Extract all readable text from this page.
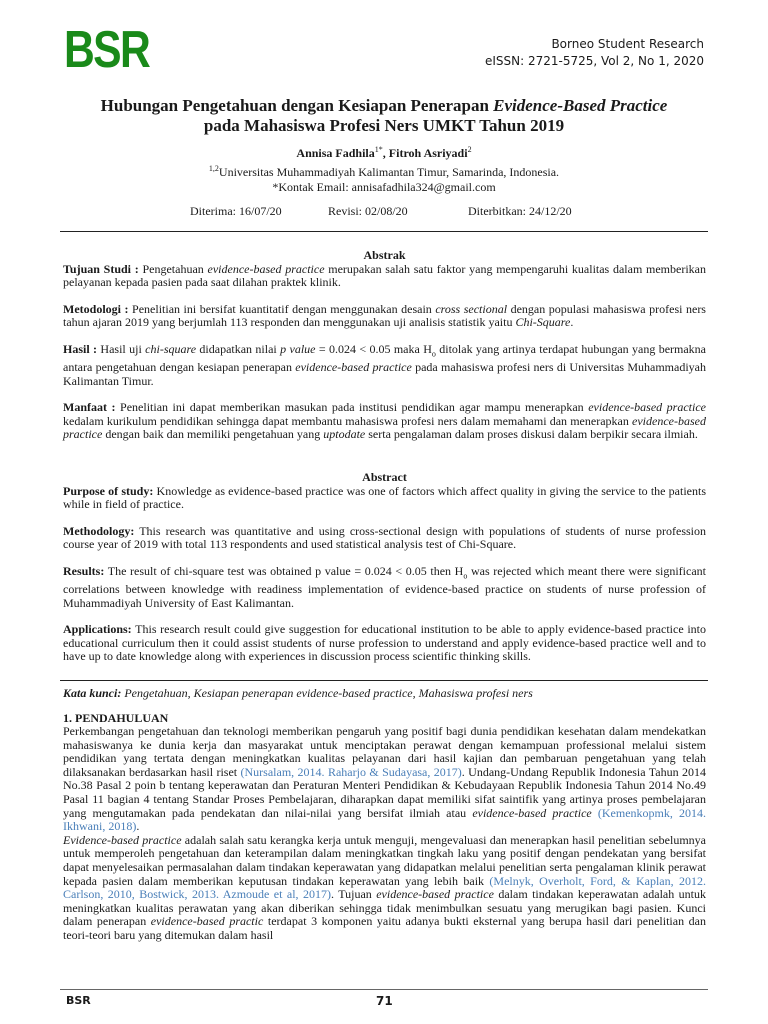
BSR	Borneo Student Research
eISSN: 2721-5725, Vol 2, No 1, 2020
Hubungan Pengetahuan dengan Kesiapan Penerapan Evidence-Based Practice
pada Mahasiswa Profesi Ners UMKT Tahun 2019
Annisa Fadhila$^{1*}$, Fitroh Asriyadi$^2$
$^{1,2}$Universitas Muhammadiyah Kalimantan Timur, Samarinda, Indonesia.
*Kontak Email: annisafadhila324@gmail.com
Diterima: 16/07/20	Revisi: 02/08/20	Diterbitkan: 24/12/20

Abstrak

Tujuan Studi : Pengetahuan evidence-based practice merupakan salah satu faktor yang mempengaruhi kualitas dalam memberikan pelayanan kepada pasien pada saat dilahan praktek klinik.

Metodologi : Penelitian ini bersifat kuantitatif dengan menggunakan desain cross sectional dengan populasi mahasiswa profesi ners tahun ajaran 2019 yang berjumlah 113 responden dan menggunakan uji analisis statistik yaitu Chi-Square.

Hasil : Hasil uji chi-square didapatkan nilai p value = 0.024 < 0.05 maka $H_o$ ditolak yang artinya terdapat hubungan yang bermakna antara pengetahuan dengan kesiapan penerapan evidence-based practice pada mahasiswa profesi ners di Universitas Muhammadiyah Kalimantan Timur.

Manfaat : Penelitian ini dapat memberikan masukan pada institusi pendidikan agar mampu menerapkan evidence-based practice kedalam kurikulum pendidikan sehingga dapat membantu mahasiswa profesi ners dalam memahami dan menerapkan evidence-based practice dengan baik dan memiliki pengetahuan yang uptodate serta pengalaman dalam proses diskusi dalam berpikir secara ilmiah.

Abstract

Purpose of study: Knowledge as evidence-based practice was one of factors which affect quality in giving the service to the patients while in field of practice.

Methodology: This research was quantitative and using cross-sectional design with populations of students of nurse profession course year of 2019 with total 113 respondents and used statistical analysis test of Chi-Square.

Results: The result of chi-square test was obtained p value = 0.024 < 0.05 then $H_o$ was rejected which meant there were significant correlations between knowledge with readiness implementation of evidence-based practice on students of nurse profession of Muhammadiyah University of East Kalimantan.

Applications: This research result could give suggestion for educational institution to be able to apply evidence-based practice into educational curriculum then it could assist students of nurse profession to understand and apply evidence-based practice well and to have up to date knowledge along with experiences in discussion process scientific thinking skills.

Kata kunci: Pengetahuan, Kesiapan penerapan evidence-based practice, Mahasiswa profesi ners
1. PENDAHULUAN

Perkembangan pengetahuan dan teknologi memberikan pengaruh yang positif bagi dunia pendidikan kesehatan dalam mendekatkan mahasiswanya ke dunia kerja dan masyarakat untuk menciptakan perawat dengan kemampuan professional melalui sistem pendidikan yang tertata dengan meningkatkan kualitas pelayanan dari hasil kajian dan pembaruan pengetahuan yang telah dilaksanakan berdasarkan hasil riset (Nursalam, 2014. Raharjo & Sudayasa, 2017). Undang-Undang Republik Indonesia Tahun 2014 No.38 Pasal 2 poin b tentang keperawatan dan Peraturan Menteri Pendidikan & Kebudayaan Republik Indonesia Tahun 2014 No.49 Pasal 11 bagian 4 tentang Standar Proses Pembelajaran, diharapkan dapat memiliki sifat saintifik yang artinya proses pembelajaran yang mengutamakan pada pendekatan dan nilai-nilai yang bersifat ilmiah atau evidence-based practice (Kemenkopmk, 2014. Ikhwani, 2018).

Evidence-based practice adalah salah satu kerangka kerja untuk menguji, mengevaluasi dan menerapkan hasil penelitian sebelumnya untuk memperoleh pengetahuan dan keterampilan dalam meningkatkan tingkah laku yang positif dengan pendekatan yang bersifat dapat menyelesaikan permasalahan dalam tindakan keperawatan yang didapatkan melalui penelitian serta pengalaman klinik perawat kepada pasien dalam memberikan keputusan tindakan keperawatan yang lebih baik (Melnyk, Overholt, Ford, & Kaplan, 2012. Carlson, 2010, Bostwick, 2013. Azmoude et al, 2017). Tujuan evidence-based practice dalam tindakan keperawatan adalah untuk meningkatkan kualitas perawatan yang akan diberikan sehingga tidak menimbulkan sesuatu yang merugikan bagi pasien. Kunci dalam penerapan evidence-based practic terdapat 3 komponen yaitu adanya bukti eksternal yang berupa hasil dari penelitian dan teori-teori baru yang ditemukan dalam hasil

BSR	71
